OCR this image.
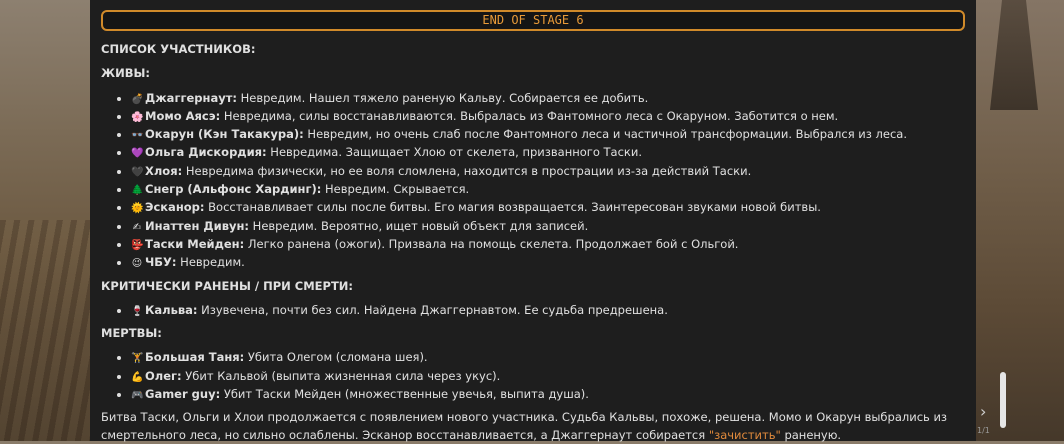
END OF STAGE 6
СПИСОК УЧАСТНИКОВ:
ЖИВЫ:
• 💣 Джаггернаут: Невредим. Нашел тяжело раненую Кальву. Собирается ее добить.
• 🌸 Момо Аясэ: Невредима, силы восстанавливаются. Выбралась из Фантомного леса с Окаруном. Заботится о нем.
• 👓 Окарун (Кэн Такакура): Невредим, но очень слаб после Фантомного леса и частичной трансформации. Выбрался из леса.
• 💜 Ольга Дискордия: Невредима. Защищает Хлою от скелета, призванного Таски.
• 🖤 Хлоя: Невредима физически, но ее воля сломлена, находится в прострации из-за действий Таски.
• 🌲 Снегр (Альфонс Хардинг): Невредим. Скрывается.
• 🌞 Эсканор: Восстанавливает силы после битвы. Его магия возвращается. Заинтересован звуками новой битвы.
• ✍ Инаттен Дивун: Невредим. Вероятно, ищет новый объект для записей.
• 👺 Таски Мейден: Легко ранена (ожоги). Призвала на помощь скелета. Продолжает бой с Ольгой.
• 😉 ЧБУ: Невредим.
КРИТИЧЕСКИ РАНЕНЫ / ПРИ СМЕРТИ:
• 🍷 Кальва: Изувечена, почти без сил. Найдена Джаггернавтом. Ее судьба предрешена.
МЕРТВЫ:
• 🏋 Большая Таня: Убита Олегом (сломана шея).
• 💪 Олег: Убит Кальвой (выпита жизненная сила через укус).
• 🎮 Gamer guy: Убит Таски Мейден (множественные увечья, выпита душа).
Битва Таски, Ольги и Хлои продолжается с появлением нового участника. Судьба Кальвы, похоже, решена. Момо и Окарун выбрались из смертельного леса, но сильно ослаблены. Эсканор восстанавливается, а Джаггернаут собирается "зачистить" раненую.
›
1/1
